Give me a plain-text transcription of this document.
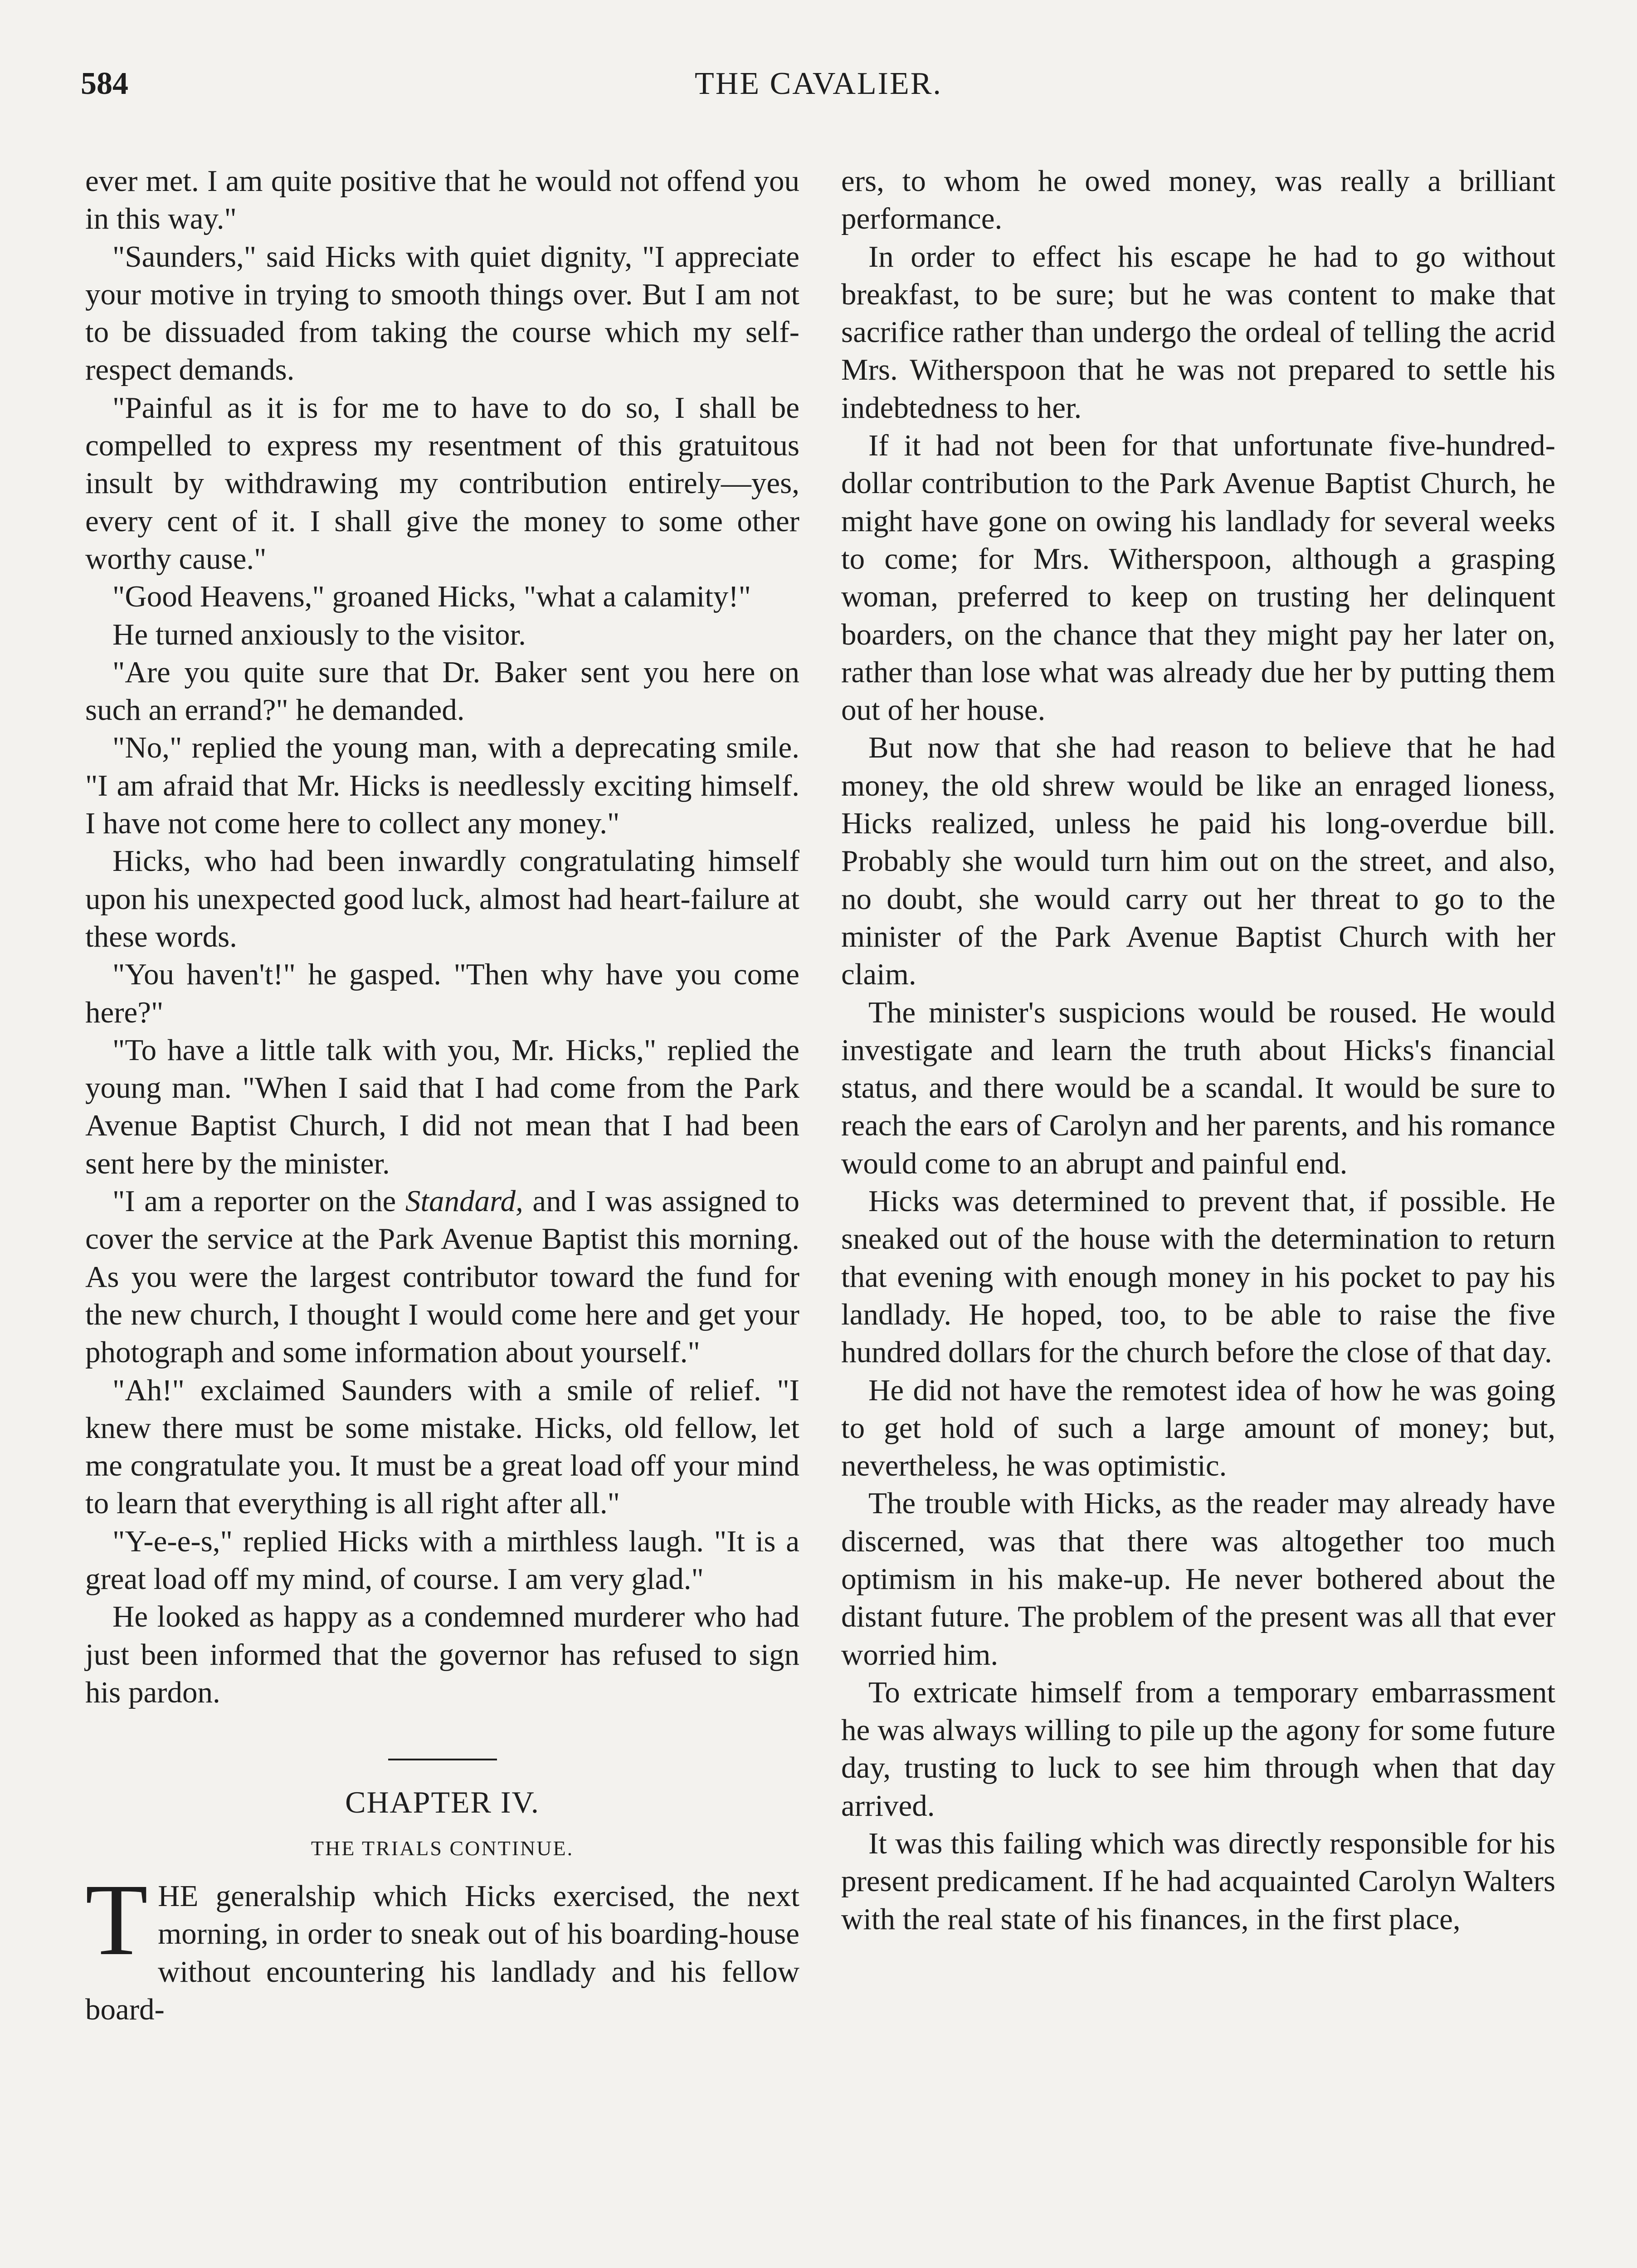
584	THE CAVALIER.

ever met. I am quite positive that he would not offend you in this way."

"Saunders," said Hicks with quiet dignity, "I appreciate your motive in trying to smooth things over. But I am not to be dissuaded from taking the course which my self-respect demands.

"Painful as it is for me to have to do so, I shall be compelled to express my resentment of this gratuitous insult by withdrawing my contribution entirely—yes, every cent of it. I shall give the money to some other worthy cause."

"Good Heavens," groaned Hicks, "what a calamity!"

He turned anxiously to the visitor.

"Are you quite sure that Dr. Baker sent you here on such an errand?" he demanded.

"No," replied the young man, with a deprecating smile. "I am afraid that Mr. Hicks is needlessly exciting himself. I have not come here to collect any money."

Hicks, who had been inwardly congratulating himself upon his unexpected good luck, almost had heart-failure at these words.

"You haven't!" he gasped. "Then why have you come here?"

"To have a little talk with you, Mr. Hicks," replied the young man. "When I said that I had come from the Park Avenue Baptist Church, I did not mean that I had been sent here by the minister.

"I am a reporter on the Standard, and I was assigned to cover the service at the Park Avenue Baptist this morning. As you were the largest contributor toward the fund for the new church, I thought I would come here and get your photograph and some information about yourself."

"Ah!" exclaimed Saunders with a smile of relief. "I knew there must be some mistake. Hicks, old fellow, let me congratulate you. It must be a great load off your mind to learn that everything is all right after all."

"Y-e-e-s," replied Hicks with a mirthless laugh. "It is a great load off my mind, of course. I am very glad."

He looked as happy as a condemned murderer who had just been informed that the governor has refused to sign his pardon.

CHAPTER IV.
THE TRIALS CONTINUE.

THE generalship which Hicks exercised, the next morning, in order to sneak out of his boarding-house without encountering his landlady and his fellow board-

ers, to whom he owed money, was really a brilliant performance.

In order to effect his escape he had to go without breakfast, to be sure; but he was content to make that sacrifice rather than undergo the ordeal of telling the acrid Mrs. Witherspoon that he was not prepared to settle his indebtedness to her.

If it had not been for that unfortunate five-hundred-dollar contribution to the Park Avenue Baptist Church, he might have gone on owing his landlady for several weeks to come; for Mrs. Witherspoon, although a grasping woman, preferred to keep on trusting her delinquent boarders, on the chance that they might pay her later on, rather than lose what was already due her by putting them out of her house.

But now that she had reason to believe that he had money, the old shrew would be like an enraged lioness, Hicks realized, unless he paid his long-overdue bill. Probably she would turn him out on the street, and also, no doubt, she would carry out her threat to go to the minister of the Park Avenue Baptist Church with her claim.

The minister's suspicions would be roused. He would investigate and learn the truth about Hicks's financial status, and there would be a scandal. It would be sure to reach the ears of Carolyn and her parents, and his romance would come to an abrupt and painful end.

Hicks was determined to prevent that, if possible. He sneaked out of the house with the determination to return that evening with enough money in his pocket to pay his landlady. He hoped, too, to be able to raise the five hundred dollars for the church before the close of that day.

He did not have the remotest idea of how he was going to get hold of such a large amount of money; but, nevertheless, he was optimistic.

The trouble with Hicks, as the reader may already have discerned, was that there was altogether too much optimism in his make-up. He never bothered about the distant future. The problem of the present was all that ever worried him.

To extricate himself from a temporary embarrassment he was always willing to pile up the agony for some future day, trusting to luck to see him through when that day arrived.

It was this failing which was directly responsible for his present predicament. If he had acquainted Carolyn Walters with the real state of his finances, in the first place,
